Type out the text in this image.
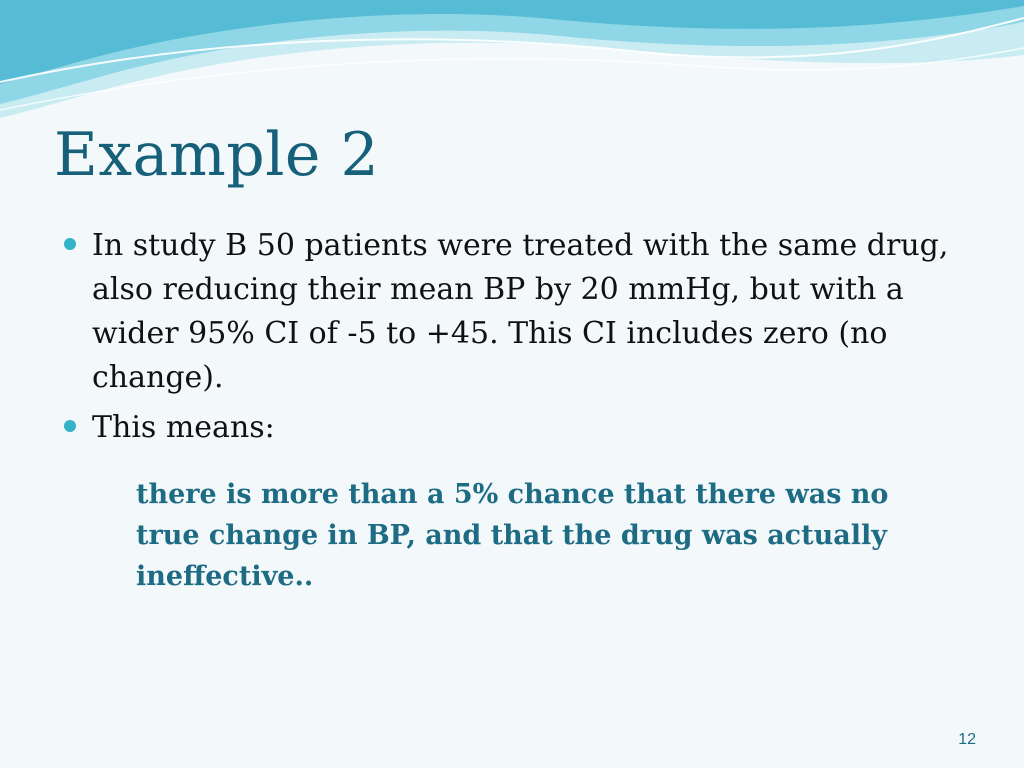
Example 2
In study B 50 patients were treated with the same drug, also reducing their mean BP by 20 mmHg, but with a wider 95% CI of -5 to +45. This CI includes zero (no change).
This means:

there is more than a 5% chance that there was no true change in BP, and that the drug was actually ineffective..

12
